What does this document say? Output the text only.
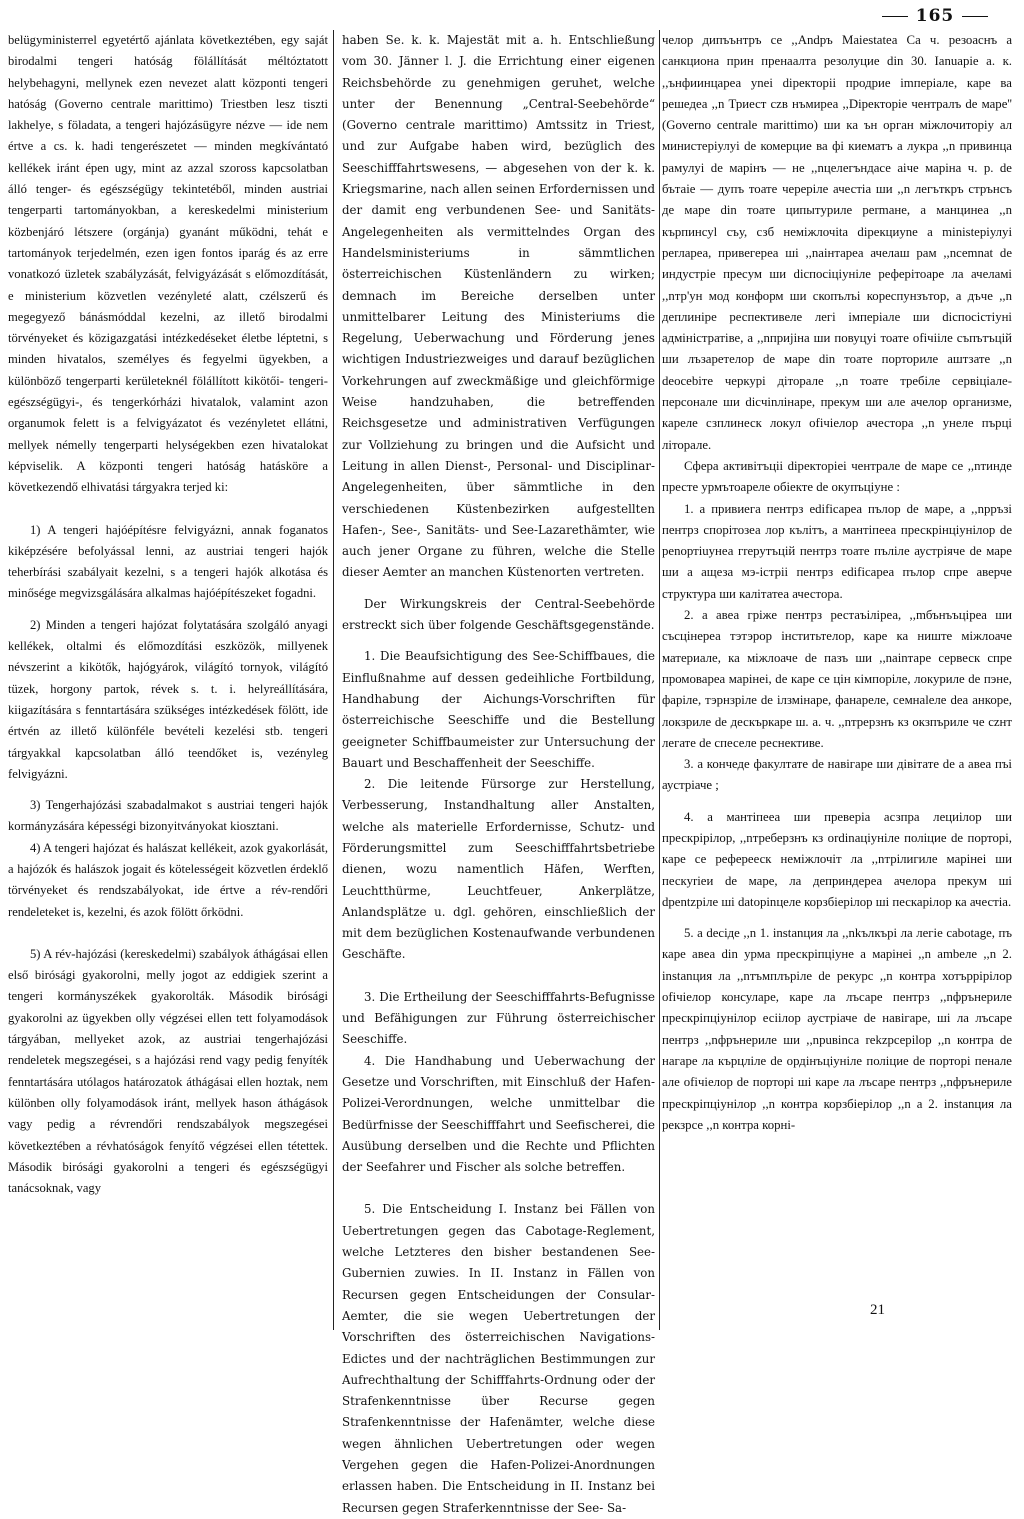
165

belügyministerrel egyetértő ajánlata következtében, egy saját birodalmi tengeri hatóság fölállítását méltóztatott helybehagyni, mellynek ezen nevezet alatt központi tengeri hatóság (Governo centrale marittimo) Triestben lesz tiszti lakhelye, s föladata, a tengeri hajózásügyre nézve — ide nem értve a cs. k. hadi tengerészetet — minden megkívántató kellékek iránt épen ugy, mint az azzal szoross kapcsolatban álló tenger- és egészségügy tekintetéből, minden austriai tengerparti tartományokban, a kereskedelmi ministerium közbenjáró létszere (orgánja) gyanánt működni, tehát e tartományok terjedelmén, ezen igen fontos iparág és az erre vonatkozó üzletek szabályzását, felvigyázását s előmozdítását, e ministerium közvetlen vezényleté alatt, czélszerű és megegyező bánásmóddal kezelni, az illető birodalmi törvényeket és közigazgatási intézkedéseket életbe léptetni, s minden hivatalos, személyes és fegyelmi ügyekben, a különböző tengerparti kerületeknél fölállított kikötői- tengeri- egészségügyi-, és tengerkórházi hivatalok, valamint azon organumok felett is a felvigyázatot és vezényletet ellátni, mellyek némelly tengerparti helységekben ezen hivatalokat képviselik. A központi tengeri hatóság hatásköre a következendő elhivatási tárgyakra terjed ki:

1) A tengeri hajóépítésre felvigyázni, annak foganatos kiképzésére befolyással lenni, az austriai tengeri hajók teherbírási szabályait kezelni, s a tengeri hajók alkotása és minősége megvizsgálására alkalmas hajóépítészeket fogadni.

2) Minden a tengeri hajózat folytatására szolgáló anyagi kellékek, oltalmi és előmozdítási eszközök, millyenek névszerint a kikötők, hajógyárok, világító tornyok, világító tüzek, horgony partok, révek s. t. i. helyreállítására, kiigazítására s fenntartására szükséges intézkedések fölött, ide értvén az illető különféle bevételi kezelési stb. tengeri tárgyakkal kapcsolatban álló teendőket is, vezényleg felvigyázni.

3) Tengerhajózási szabadalmakot s austriai tengeri hajók kormányzására képességi bizonyitványokat kiosztani.

4) A tengeri hajózat és halászat kellékeit, azok gyakorlását, a hajózók és halászok jogait és kötelességeit közvetlen érdeklő törvényeket és rendszabályokat, ide értve a rév-rendőri rendeleteket is, kezelni, és azok fölött őrködni.

5) A rév-hajózási (kereskedelmi) szabályok áthágásai ellen első birósági gyakorolni, melly jogot az eddigiek szerint a tengeri kormányszékek gyakorolták. Második birósági gyakorolni az ügyekben olly végzései ellen tett folyamodások tárgyában, mellyeket azok, az austriai tengerhajózási rendeletek megszegései, s a hajózási rend vagy pedig fenyíték fenntartására utólagos határozatok áthágásai ellen hoztak, nem különben olly folyamodások iránt, mellyek hason áthágások vagy pedig a révrendőri rendszabályok megszegései következtében a révhatóságok fenyítő végzései ellen tétettek. Második birósági gyakorolni a tengeri és egészségügyi tanácsoknak, vagy

haben Se. k. k. Majestät mit a. h. Entschließung vom 30. Jänner l. J. die Errichtung einer eigenen Reichsbehörde zu genehmigen geruhet, welche unter der Benennung „Central-Seebehörde“ (Governo centrale marittimo) Amtssitz in Triest, und zur Aufgabe haben wird, bezüglich des Seeschifffahrtswesens, — abgesehen von der k. k. Kriegsmarine, nach allen seinen Erfordernissen und der damit eng verbundenen See- und Sanitäts-Angelegenheiten als vermittelndes Organ des Handelsministeriums in sämmtlichen österreichischen Küstenländern zu wirken; demnach im Bereiche derselben unter unmittelbarer Leitung des Ministeriums die Regelung, Ueberwachung und Förderung jenes wichtigen Industriezweiges und darauf bezüglichen Vorkehrungen auf zweckmäßige und gleichförmige Weise handzuhaben, die betreffenden Reichsgesetze und administrativen Verfügungen zur Vollziehung zu bringen und die Aufsicht und Leitung in allen Dienst-, Personal- und Disciplinar-Angelegenheiten, über sämmtliche in den verschiedenen Küstenbezirken aufgestellten Hafen-, See-, Sanitäts- und See-Lazarethämter, wie auch jener Organe zu führen, welche die Stelle dieser Aemter an manchen Küstenorten vertreten.

Der Wirkungskreis der Central-Seebehörde erstreckt sich über folgende Geschäftsgegenstände.

1. Die Beaufsichtigung des See-Schiffbaues, die Einflußnahme auf dessen gedeihliche Fortbildung, Handhabung der Aichungs-Vorschriften für österreichische Seeschiffe und die Bestellung geeigneter Schiffbaumeister zur Untersuchung der Bauart und Beschaffenheit der Seeschiffe.

2. Die leitende Fürsorge zur Herstellung, Verbesserung, Instandhaltung aller Anstalten, welche als materielle Erfordernisse, Schutz- und Förderungsmittel zum Seeschifffahrtsbetriebe dienen, wozu namentlich Häfen, Werften, Leuchtthürme, Leuchtfeuer, Ankerplätze, Anlandsplätze u. dgl. gehören, einschließlich der mit dem bezüglichen Kostenaufwande verbundenen Geschäfte.

3. Die Ertheilung der Seeschifffahrts-Befugnisse und Befähigungen zur Führung österreichischer Seeschiffe.

4. Die Handhabung und Ueberwachung der Gesetze und Vorschriften, mit Einschluß der Hafen-Polizei-Verordnungen, welche unmittelbar die Bedürfnisse der Seeschifffahrt und Seefischerei, die Ausübung derselben und die Rechte und Pflichten der Seefahrer und Fischer als solche betreffen.

5. Die Entscheidung I. Instanz bei Fällen von Uebertretungen gegen das Cabotage-Reglement, welche Letzteres den bisher bestandenen See-Gubernien zuwies. In II. Instanz in Fällen von Recursen gegen Entscheidungen der Consular-Aemter, die sie wegen Uebertretungen der Vorschriften des österreichischen Navigations-Edictes und der nachträglichen Bestimmungen zur Aufrechthaltung der Schifffahrts-Ordnung oder der Strafenkenntnisse über Recurse gegen Strafenkenntnisse der Hafenämter, welche diese wegen ähnlichen Uebertretungen oder wegen Vergehen gegen die Hafen-Polizei-Anordnungen erlassen haben. Die Entscheidung in II. Instanz bei Recursen gegen Straferkenntnisse der See- Sa-

челор дипъънтръ се ,,Andръ Maiestatea Са ч. резоаснъ а санкциона прин пренаалта резолуциe din 30. Ianuapie a. к. ,,ънфиинцареа ynei dipeкторii продрие imперiaле, каре ва решедеа ,,n Триест сzв нъмиреа ,,Diректорie чентралъ de маре'' (Governo centrale marittimo) ши ка ън орган мiжлочитоpiy ал министерiулуi de комерциe ва фi киематъ а лукра ,,n привинца рамулуi de марiнъ — нe ,,nцелегъндасе aiчe марiна ч. р. de бътаie — дупъ тоате черерiле ачестiа ши ,,n лeгъткръ стрънсъ де маре din тоате ципытyриле рermaнe, a мaнцинеа ,,n кърпинсуl съу, сзб немiжлочita dipeкциyne a ministepiулуi perлapea, привегеpea шi ,,naiнтаpea ачелаш рам ,,ncemnat de индустрiе преcум ши dicпoсiцiyнiле реферiтоаре ла ачеламi ,,nтр'ун мод конформ ши скопълъi корeспунзътор, а дъче ,,n деплинiре респективеле легi iмперiaле ши dicпocicтiyнi адмiнiстратiве, а ,,nприjiна ши повуцуi тоате оfiчiiле съпътъцiй ши лъзаретелор de маре din тоате порториле аштзате ,,n deocebiте черкурi дiторале ,,n тоате трeбiле сервiцiале-персонале ши dicчinлiнаре, прекум ши але ачелор организме, кареле сзплинеск локул оfiчiелор ачестора ,,n yнеле пърцi лiторале.

Сфера активiтъцii dipeкторiei чентрале de маре се ,,nтинде престе урмътоареле обiекте de окупъцiyне :

1. a привиeга пентрз edificарeа пълор de маре, a ,,nрръзi пентрз спорiтозеа лор кълiтъ, а мантiпееа прескрiнцiyнiлор de реnортiuyнеа гrерутъцiй пентрз тоате пълiле аустрiяче de маре ши а ащеза мэ-iстрii пентрз edificарeа пълор спре аверчe структура ши калiтатеа ачестора.

2. a авеа грiже пентрз рестаъiлiреа, ,,mбънъъцiрeа ши съсцiнереа тэтэрор iнститьтелор, каре ка ниште мiжлоаче материалe, ка мiжлоаче de пазъ ши ,,nainтаре сервеск спре промовареa марiнеi, de каре се цiн кiмпорiле, локуриле de пэне, фарiле, тэрнзрiле de iлзмiнаре, фанареле, семнаlеле dea анкоре, локзриле de дескъркаре ш. а. ч. ,,nтрерзнъ кз окзпъриле че сzнт легате de спеселе реснективе.

3. а кончеде факултате de навiгаре ши дiвiтате de а авеа пъi аустрiаче ;

4. а мантiпееа ши преверiа асзпра лециiлор ши прескрiрiлор, ,,nтреберзнъ кз ordinaцiyнiле полiциe de порторi, каре се реферееск немiжлочiт ла ,,nтрiлигиле марiнеi ши пескуrieи de маре, ла деприндереа ачелора прекум шi dpentzрiле шi datopinцеле корзбiерiлор шi пескарiлор ка ачестiа.

5. a deciде ,,n 1. instanция ла ,,nkълкърi ла легie cabotage, пъ каре авеа din урма прескрiпцiyне а марiнеi ,,n ambeле ,,n 2. instanция ла ,,nтъмплърiле de рекурс ,,n контра хотъррiрiлор оfiчiелор консуларе, каре ла лъсаре пентрз ,,nфрънериле прескрiпцiyнiлор есiiлор аустрiаче de навiгаре, шi ла лъсаре пентрз ,,nфрънериле ши ,,npuвinca rekzpcepilop ,,n контра de нагаре ла кърцлiле de ордiнъцiyнiле полiциe de порторi пенале але оfiчiелор de порторi шi каре ла лъсаре пентрз ,,nфрънериле прескрiпцiyнiлор ,,n контра корзбiерiлор ,,n а 2. instanция ла рекзрсе ,,n контра корнi-

21
